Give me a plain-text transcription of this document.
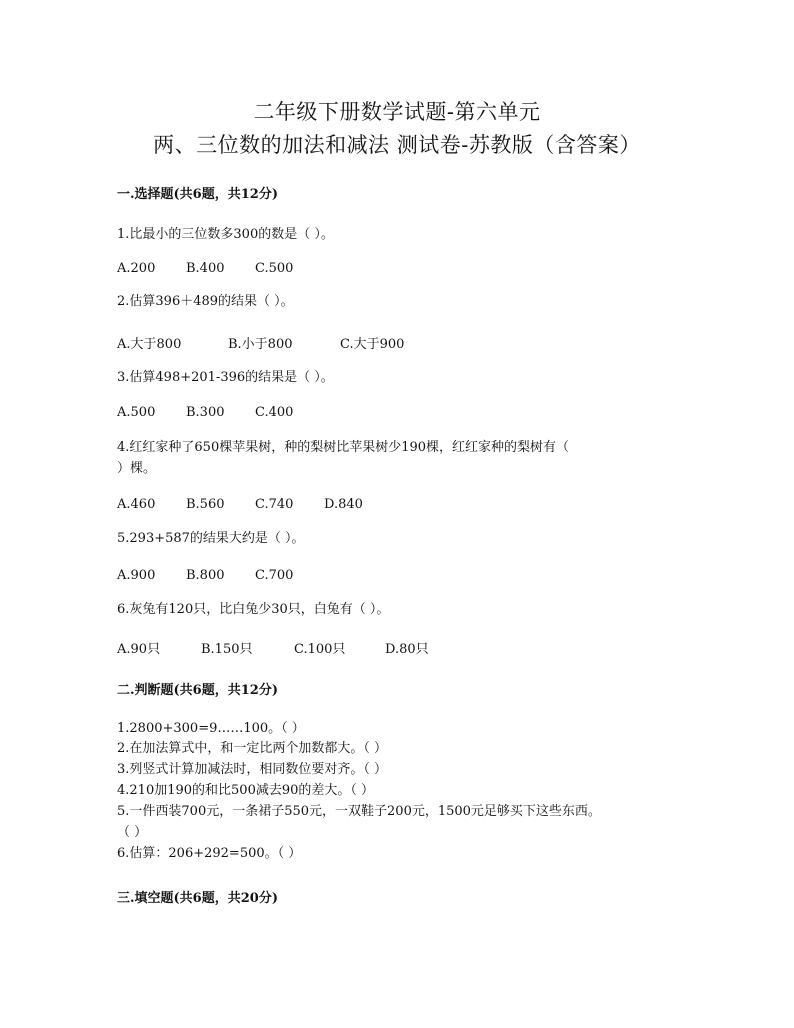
二年级下册数学试题-第六单元
两、三位数的加法和减法 测试卷-苏教版（含答案）
一.选择题(共6题，共12分)
1.比最小的三位数多300的数是（ ）。
A.200 B.400 C.500
2.估算396＋489的结果（ ）。
A.大于800	B.小于800	C.大于900
3.估算498+201-396的结果是（ ）。
A.500 B.300 C.400
4.红红家种了650棵苹果树，种的梨树比苹果树少190棵，红红家种的梨树有（
）棵。
A.460 B.560 C.740 D.840
5.293+587的结果大约是（ ）。
A.900 B.800 C.700
6.灰兔有120只，比白兔少30只，白兔有（ ）。
A.90只	B.150只	C.100只	D.80只
二.判断题(共6题，共12分)
1.2800+300=9……100。（ ）
2.在加法算式中，和一定比两个加数都大。（ ）
3.列竖式计算加减法时，相同数位要对齐。（ ）
4.210加190的和比500减去90的差大。（ ）
5.一件西装700元，一条裙子550元，一双鞋子200元，1500元足够买下这些东西。
（ ）
6.估算：206+292=500。（ ）
三.填空题(共6题，共20分)
